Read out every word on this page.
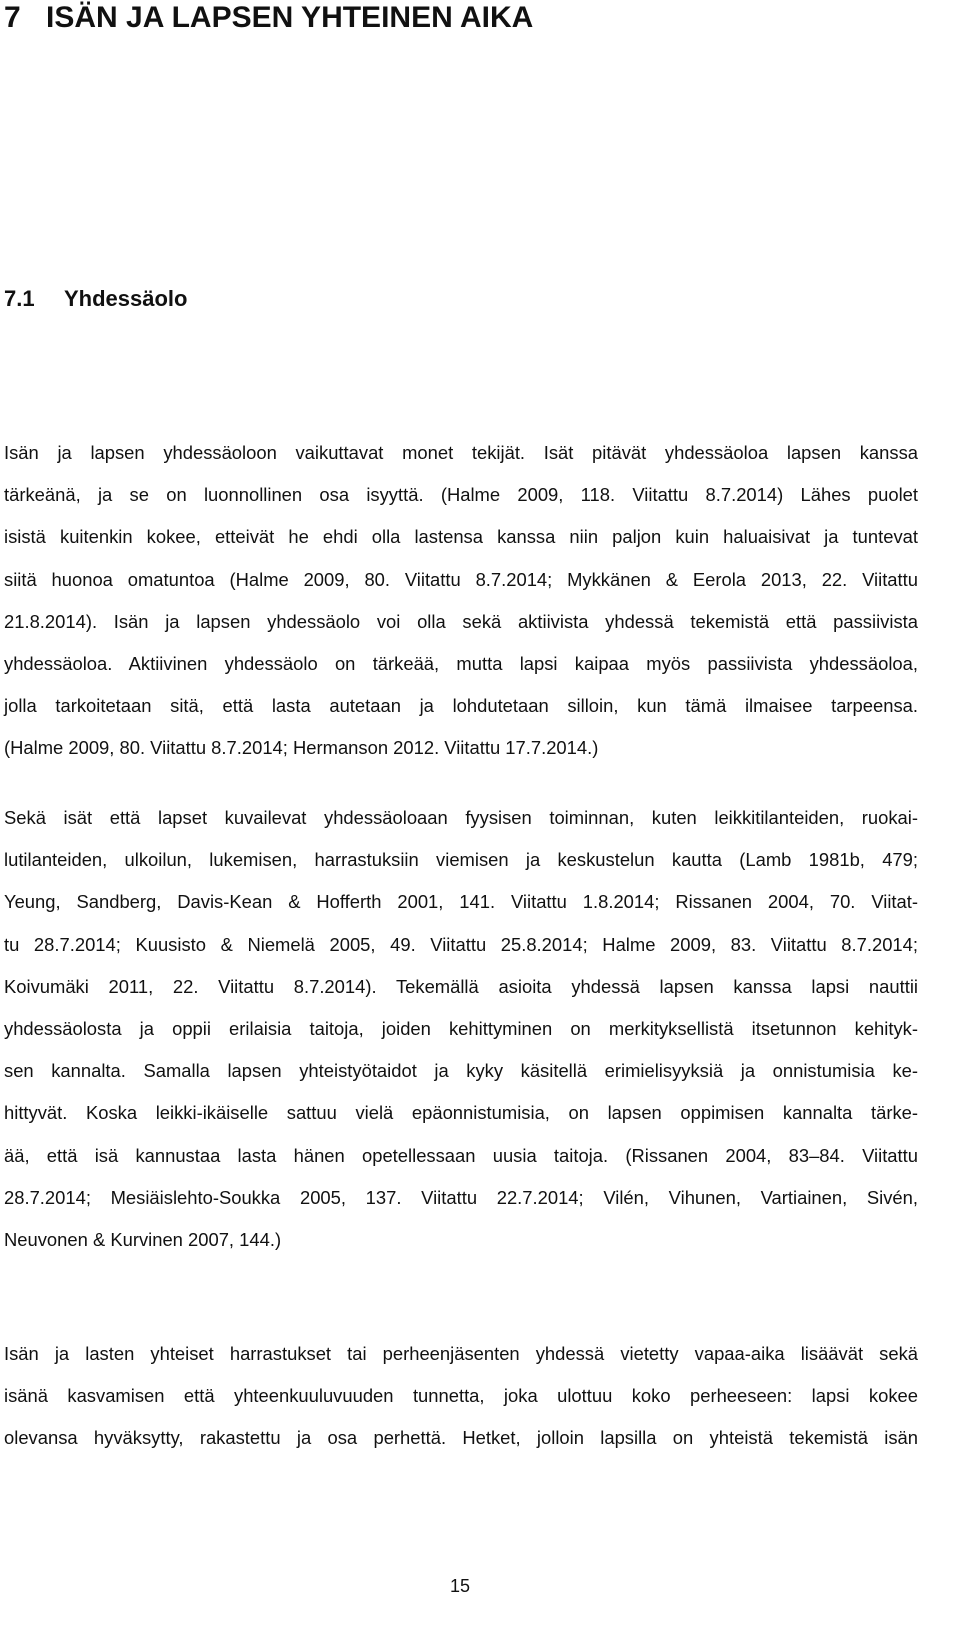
7 ISÄN JA LAPSEN YHTEINEN AIKA
7.1 Yhdessäolo
Isän ja lapsen yhdessäoloon vaikuttavat monet tekijät. Isät pitävät yhdessäoloa lapsen kanssa
tärkeänä, ja se on luonnollinen osa isyyttä. (Halme 2009, 118. Viitattu 8.7.2014) Lähes puolet
isistä kuitenkin kokee, etteivät he ehdi olla lastensa kanssa niin paljon kuin haluaisivat ja tuntevat
siitä huonoa omatuntoa (Halme 2009, 80. Viitattu 8.7.2014; Mykkänen & Eerola 2013, 22. Viitattu
21.8.2014). Isän ja lapsen yhdessäolo voi olla sekä aktiivista yhdessä tekemistä että passiivista
yhdessäoloa. Aktiivinen yhdessäolo on tärkeää, mutta lapsi kaipaa myös passiivista yhdessäoloa,
jolla tarkoitetaan sitä, että lasta autetaan ja lohdutetaan silloin, kun tämä ilmaisee tarpeensa.
(Halme 2009, 80. Viitattu 8.7.2014; Hermanson 2012. Viitattu 17.7.2014.)
Sekä isät että lapset kuvailevat yhdessäoloaan fyysisen toiminnan, kuten leikkitilanteiden, ruokai-
lutilanteiden, ulkoilun, lukemisen, harrastuksiin viemisen ja keskustelun kautta (Lamb 1981b, 479;
Yeung, Sandberg, Davis-Kean & Hofferth 2001, 141. Viitattu 1.8.2014; Rissanen 2004, 70. Viitat-
tu 28.7.2014; Kuusisto & Niemelä 2005, 49. Viitattu 25.8.2014; Halme 2009, 83. Viitattu 8.7.2014;
Koivumäki 2011, 22. Viitattu 8.7.2014). Tekemällä asioita yhdessä lapsen kanssa lapsi nauttii
yhdessäolosta ja oppii erilaisia taitoja, joiden kehittyminen on merkityksellistä itsetunnon kehityk-
sen kannalta. Samalla lapsen yhteistyötaidot ja kyky käsitellä erimielisyyksiä ja onnistumisia ke-
hittyvät. Koska leikki-ikäiselle sattuu vielä epäonnistumisia, on lapsen oppimisen kannalta tärke-
ää, että isä kannustaa lasta hänen opetellessaan uusia taitoja. (Rissanen 2004, 83–84. Viitattu
28.7.2014; Mesiäislehto-Soukka 2005, 137. Viitattu 22.7.2014; Vilén, Vihunen, Vartiainen, Sivén,
Neuvonen & Kurvinen 2007, 144.)
Isän ja lasten yhteiset harrastukset tai perheenjäsenten yhdessä vietetty vapaa-aika lisäävät sekä
isänä kasvamisen että yhteenkuuluvuuden tunnetta, joka ulottuu koko perheeseen: lapsi kokee
olevansa hyväksytty, rakastettu ja osa perhettä. Hetket, jolloin lapsilla on yhteistä tekemistä isän
15
